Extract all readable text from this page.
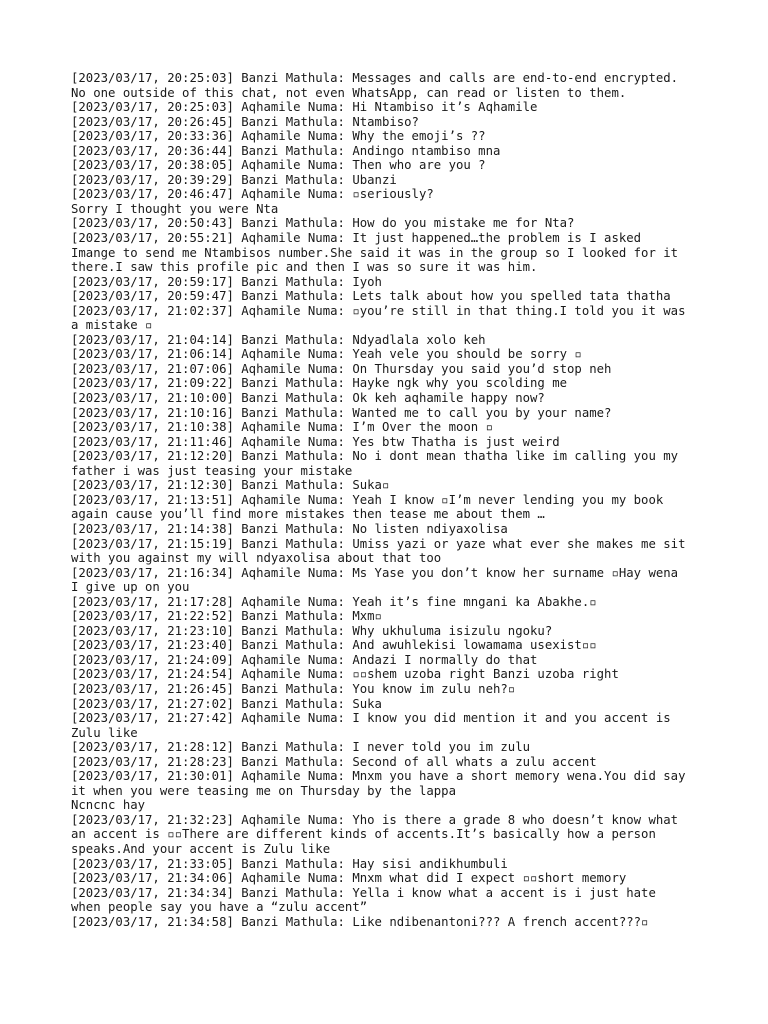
[2023/03/17, 20:25:03] Banzi Mathula: Messages and calls are end-to-end encrypted.
No one outside of this chat, not even WhatsApp, can read or listen to them.
[2023/03/17, 20:25:03] Aqhamile Numa: Hi Ntambiso it’s Aqhamile
[2023/03/17, 20:26:45] Banzi Mathula: Ntambiso?
[2023/03/17, 20:33:36] Aqhamile Numa: Why the emoji’s ??
[2023/03/17, 20:36:44] Banzi Mathula: Andingo ntambiso mna
[2023/03/17, 20:38:05] Aqhamile Numa: Then who are you ?
[2023/03/17, 20:39:29] Banzi Mathula: Ubanzi
[2023/03/17, 20:46:47] Aqhamile Numa: ▫seriously?
Sorry I thought you were Nta
[2023/03/17, 20:50:43] Banzi Mathula: How do you mistake me for Nta?
[2023/03/17, 20:55:21] Aqhamile Numa: It just happened…the problem is I asked
Imange to send me Ntambisos number.She said it was in the group so I looked for it
there.I saw this profile pic and then I was so sure it was him.
[2023/03/17, 20:59:17] Banzi Mathula: Iyoh
[2023/03/17, 20:59:47] Banzi Mathula: Lets talk about how you spelled tata thatha
[2023/03/17, 21:02:37] Aqhamile Numa: ▫you’re still in that thing.I told you it was
a mistake ▫
[2023/03/17, 21:04:14] Banzi Mathula: Ndyadlala xolo keh
[2023/03/17, 21:06:14] Aqhamile Numa: Yeah vele you should be sorry ▫
[2023/03/17, 21:07:06] Aqhamile Numa: On Thursday you said you’d stop neh
[2023/03/17, 21:09:22] Banzi Mathula: Hayke ngk why you scolding me
[2023/03/17, 21:10:00] Banzi Mathula: Ok keh aqhamile happy now?
[2023/03/17, 21:10:16] Banzi Mathula: Wanted me to call you by your name?
[2023/03/17, 21:10:38] Aqhamile Numa: I’m Over the moon ▫
[2023/03/17, 21:11:46] Aqhamile Numa: Yes btw Thatha is just weird
[2023/03/17, 21:12:20] Banzi Mathula: No i dont mean thatha like im calling you my
father i was just teasing your mistake
[2023/03/17, 21:12:30] Banzi Mathula: Suka▫
[2023/03/17, 21:13:51] Aqhamile Numa: Yeah I know ▫I’m never lending you my book
again cause you’ll find more mistakes then tease me about them …
[2023/03/17, 21:14:38] Banzi Mathula: No listen ndiyaxolisa
[2023/03/17, 21:15:19] Banzi Mathula: Umiss yazi or yaze what ever she makes me sit
with you against my will ndyaxolisa about that too
[2023/03/17, 21:16:34] Aqhamile Numa: Ms Yase you don’t know her surname ▫Hay wena
I give up on you
[2023/03/17, 21:17:28] Aqhamile Numa: Yeah it’s fine mngani ka Abakhe.▫
[2023/03/17, 21:22:52] Banzi Mathula: Mxm▫
[2023/03/17, 21:23:10] Banzi Mathula: Why ukhuluma isizulu ngoku?
[2023/03/17, 21:23:40] Banzi Mathula: And awuhlekisi lowamama usexist▫▫
[2023/03/17, 21:24:09] Aqhamile Numa: Andazi I normally do that
[2023/03/17, 21:24:54] Aqhamile Numa: ▫▫shem uzoba right Banzi uzoba right
[2023/03/17, 21:26:45] Banzi Mathula: You know im zulu neh?▫
[2023/03/17, 21:27:02] Banzi Mathula: Suka
[2023/03/17, 21:27:42] Aqhamile Numa: I know you did mention it and you accent is
Zulu like
[2023/03/17, 21:28:12] Banzi Mathula: I never told you im zulu
[2023/03/17, 21:28:23] Banzi Mathula: Second of all whats a zulu accent
[2023/03/17, 21:30:01] Aqhamile Numa: Mnxm you have a short memory wena.You did say
it when you were teasing me on Thursday by the lappa
Ncncnc hay
[2023/03/17, 21:32:23] Aqhamile Numa: Yho is there a grade 8 who doesn’t know what
an accent is ▫▫There are different kinds of accents.It’s basically how a person
speaks.And your accent is Zulu like
[2023/03/17, 21:33:05] Banzi Mathula: Hay sisi andikhumbuli
[2023/03/17, 21:34:06] Aqhamile Numa: Mnxm what did I expect ▫▫short memory
[2023/03/17, 21:34:34] Banzi Mathula: Yella i know what a accent is i just hate
when people say you have a “zulu accent”
[2023/03/17, 21:34:58] Banzi Mathula: Like ndibenantoni??? A french accent???▫
